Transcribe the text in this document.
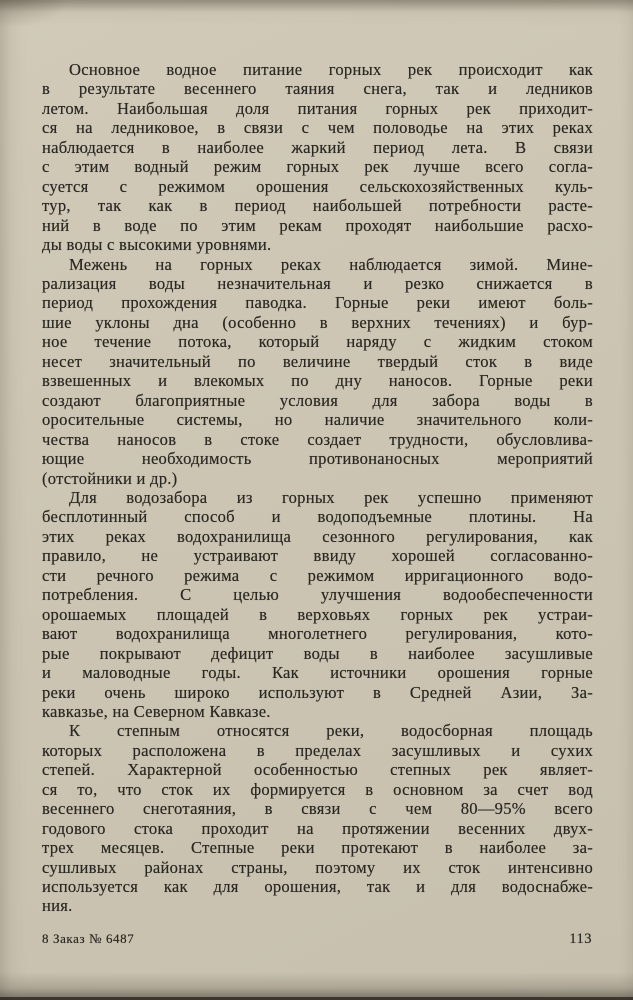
Основное водное питание горных рек происходит как
в результате весеннего таяния снега, так и ледников
летом. Наибольшая доля питания горных рек приходит-
ся на ледниковое, в связи с чем половодье на этих реках
наблюдается в наиболее жаркий период лета. В связи
с этим водный режим горных рек лучше всего согла-
суется с режимом орошения сельскохозяйственных куль-
тур, так как в период наибольшей потребности расте-
ний в воде по этим рекам проходят наибольшие расхо-
ды воды с высокими уровнями.
Межень на горных реках наблюдается зимой. Мине-
рализация воды незначительная и резко снижается в
период прохождения паводка. Горные реки имеют боль-
шие уклоны дна (особенно в верхних течениях) и бур-
ное течение потока, который наряду с жидким стоком
несет значительный по величине твердый сток в виде
взвешенных и влекомых по дну наносов. Горные реки
создают благоприятные условия для забора воды в
оросительные системы, но наличие значительного коли-
чества наносов в стоке создает трудности, обусловлива-
ющие необходимость противонаносных мероприятий
(отстойники и др.)
Для водозабора из горных рек успешно применяют
бесплотинный способ и водоподъемные плотины. На
этих реках водохранилища сезонного регулирования, как
правило, не устраивают ввиду хорошей согласованно-
сти речного режима с режимом ирригационного водо-
потребления. С целью улучшения водообеспеченности
орошаемых площадей в верховьях горных рек устраи-
вают водохранилища многолетнего регулирования, кото-
рые покрывают дефицит воды в наиболее засушливые
и маловодные годы. Как источники орошения горные
реки очень широко используют в Средней Азии, За-
кавказье, на Северном Кавказе.
К степным относятся реки, водосборная площадь
которых расположена в пределах засушливых и сухих
степей. Характерной особенностью степных рек являет-
ся то, что сток их формируется в основном за счет вод
весеннего снеготаяния, в связи с чем 80—95% всего
годового стока проходит на протяжении весенних двух-
трех месяцев. Степные реки протекают в наиболее за-
сушливых районах страны, поэтому их сток интенсивно
используется как для орошения, так и для водоснабже-
ния.
8 Заказ № 6487	113
